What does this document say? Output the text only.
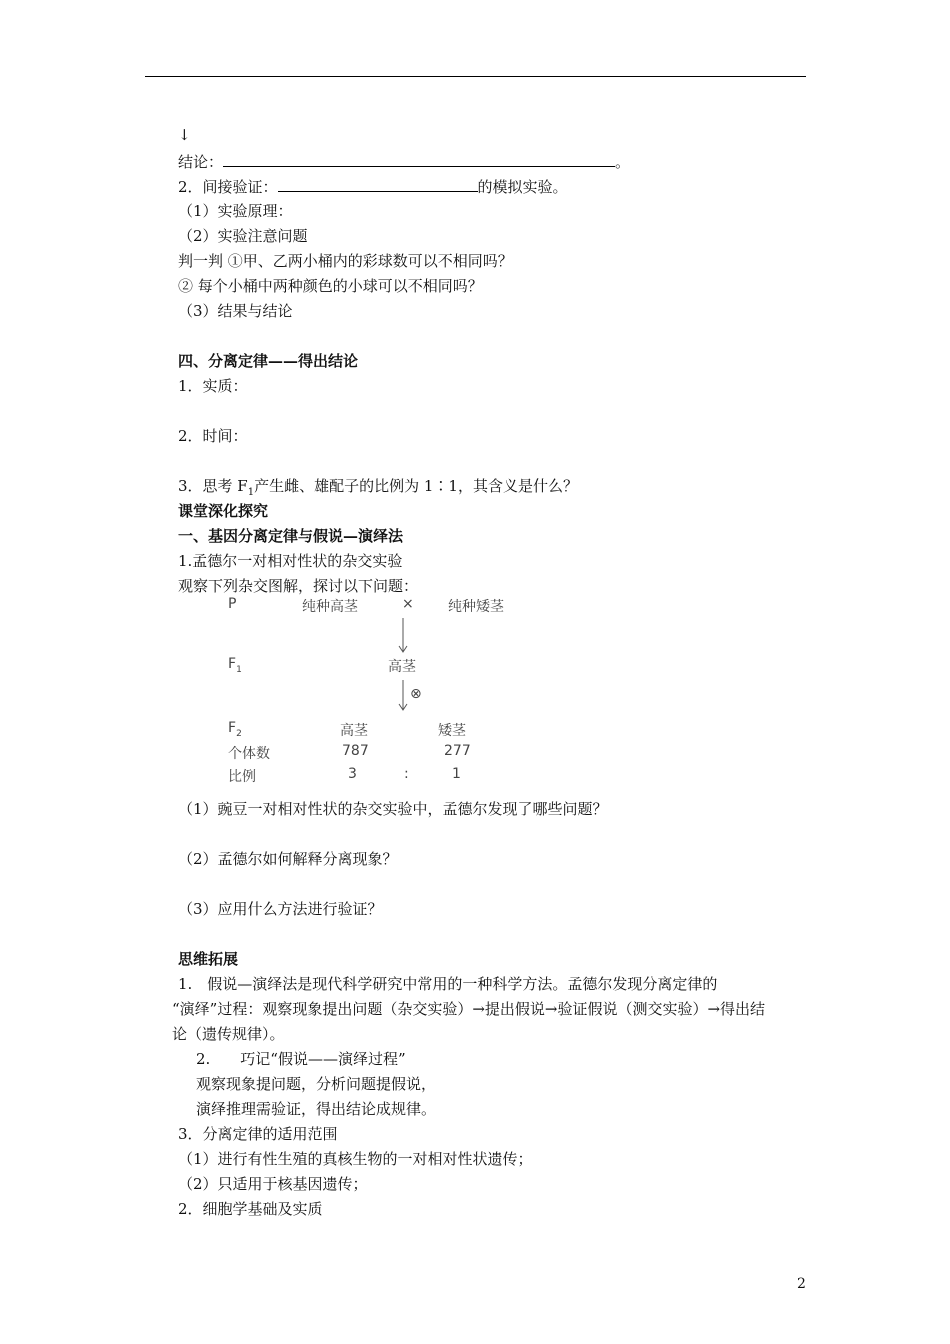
↓
结论：	。
2．间接验证：	的模拟实验。
（1）实验原理：
（2）实验注意问题
判一判 ①甲、乙两小桶内的彩球数可以不相同吗？
② 每个小桶中两种颜色的小球可以不相同吗？
（3）结果与结论
四、分离定律——得出结论
1．实质：
2．时间：
3．思考 $F_1$产生雌、雄配子的比例为 1∶1，其含义是什么？
课堂深化探究
一、基因分离定律与假说—演绎法
1.孟德尔一对相对性状的杂交实验
观察下列杂交图解，探讨以下问题：
P	纯种高茎	× 纯种矮茎
$F_1$	高茎
⊗
$F_2$	高茎	矮茎
个体数	787	277
比例	3	:	1
（1）豌豆一对相对性状的杂交实验中，孟德尔发现了哪些问题？
（2）孟德尔如何解释分离现象？
（3）应用什么方法进行验证？
思维拓展
1.　假说—演绎法是现代科学研究中常用的一种科学方法。孟德尔发现分离定律的
“演绎”过程：观察现象提出问题（杂交实验）→提出假说→验证假说（测交实验）→得出结
论（遗传规律）。
2.　　巧记“假说——演绎过程”
观察现象提问题，分析问题提假说，
演绎推理需验证，得出结论成规律。
3．分离定律的适用范围
（1）进行有性生殖的真核生物的一对相对性状遗传；
（2）只适用于核基因遗传；
2．细胞学基础及实质
2
